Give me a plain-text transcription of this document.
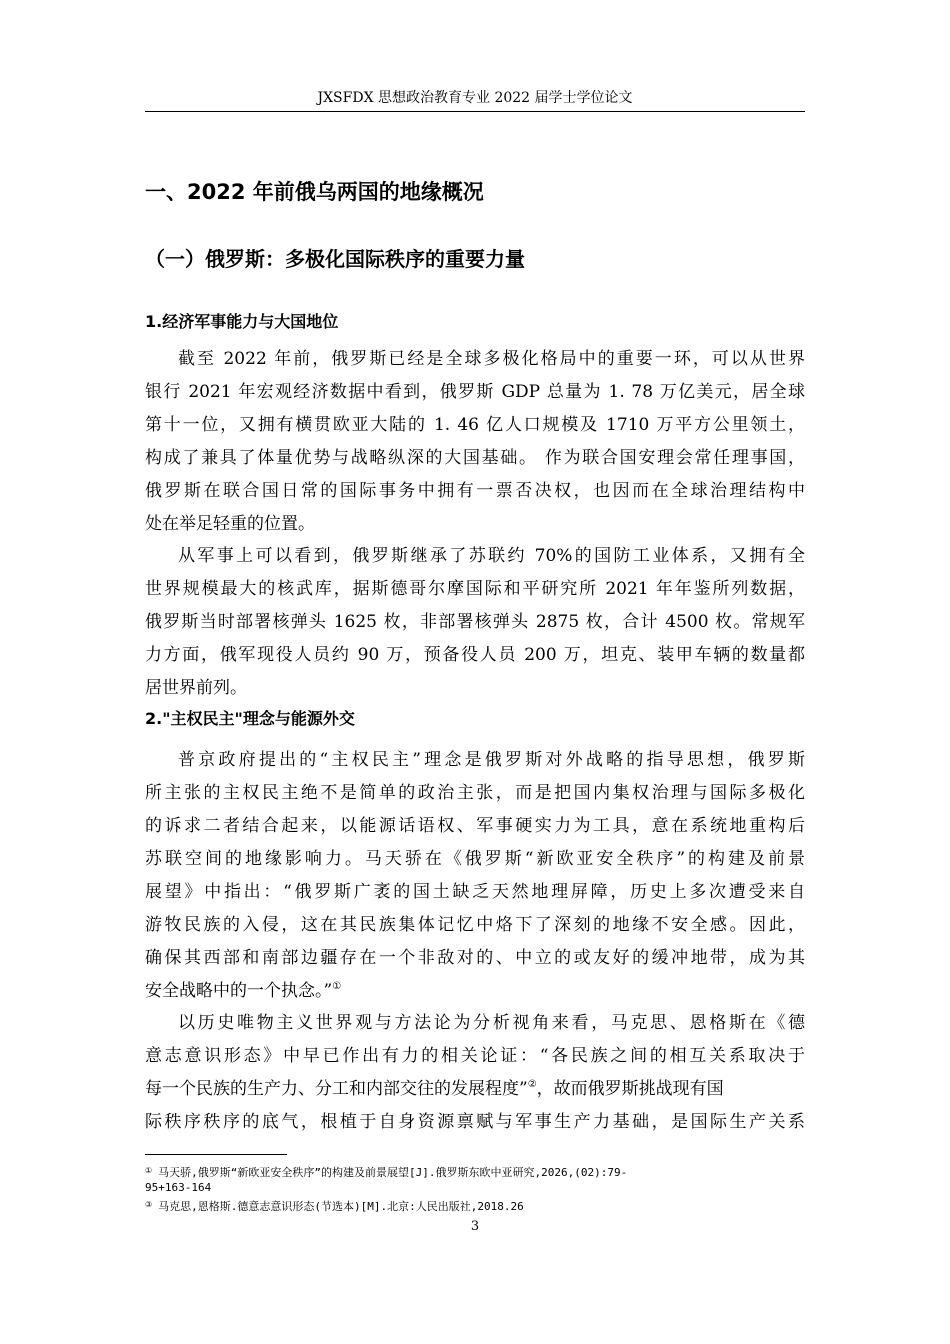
JXSFDX 思想政治教育专业 2022 届学士学位论文
一、2022 年前俄乌两国的地缘概况
（一）俄罗斯：多极化国际秩序的重要力量
1.经济军事能力与大国地位
截至 2022 年前，俄罗斯已经是全球多极化格局中的重要一环，可以从世界
银行 2021 年宏观经济数据中看到，俄罗斯 GDP 总量为 1. 78 万亿美元，居全球
第十一位，又拥有横贯欧亚大陆的 1. 46 亿人口规模及 1710 万平方公里领土，
构成了兼具了体量优势与战略纵深的大国基础。 作为联合国安理会常任理事国，
俄罗斯在联合国日常的国际事务中拥有一票否决权，也因而在全球治理结构中
处在举足轻重的位置。
从军事上可以看到，俄罗斯继承了苏联约 70%的国防工业体系，又拥有全
世界规模最大的核武库，据斯德哥尔摩国际和平研究所 2021 年年鉴所列数据，
俄罗斯当时部署核弹头 1625 枚，非部署核弹头 2875 枚，合计 4500 枚。常规军
力方面，俄军现役人员约 90 万，预备役人员 200 万，坦克、装甲车辆的数量都
居世界前列。
2."主权民主"理念与能源外交
普京政府提出的“主权民主”理念是俄罗斯对外战略的指导思想，俄罗斯
所主张的主权民主绝不是简单的政治主张，而是把国内集权治理与国际多极化
的诉求二者结合起来，以能源话语权、军事硬实力为工具，意在系统地重构后
苏联空间的地缘影响力。马天骄在《俄罗斯“新欧亚安全秩序”的构建及前景
展望》中指出：“俄罗斯广袤的国土缺乏天然地理屏障，历史上多次遭受来自
游牧民族的入侵，这在其民族集体记忆中烙下了深刻的地缘不安全感。因此，
确保其西部和南部边疆存在一个非敌对的、中立的或友好的缓冲地带，成为其
安全战略中的一个执念。”①
以历史唯物主义世界观与方法论为分析视角来看，马克思、恩格斯在《德
意志意识形态》中早已作出有力的相关论证：“各民族之间的相互关系取决于
每一个民族的生产力、分工和内部交往的发展程度”②，故而俄罗斯挑战现有国
际秩序秩序的底气，根植于自身资源禀赋与军事生产力基础，是国际生产关系
① 马天骄,俄罗斯“新欧亚安全秩序”的构建及前景展望[J].俄罗斯东欧中亚研究,2026,(02):79-
95+163-164
③ 马克思,恩格斯.德意志意识形态(节选本)[M].北京:人民出版社,2018.26
3
